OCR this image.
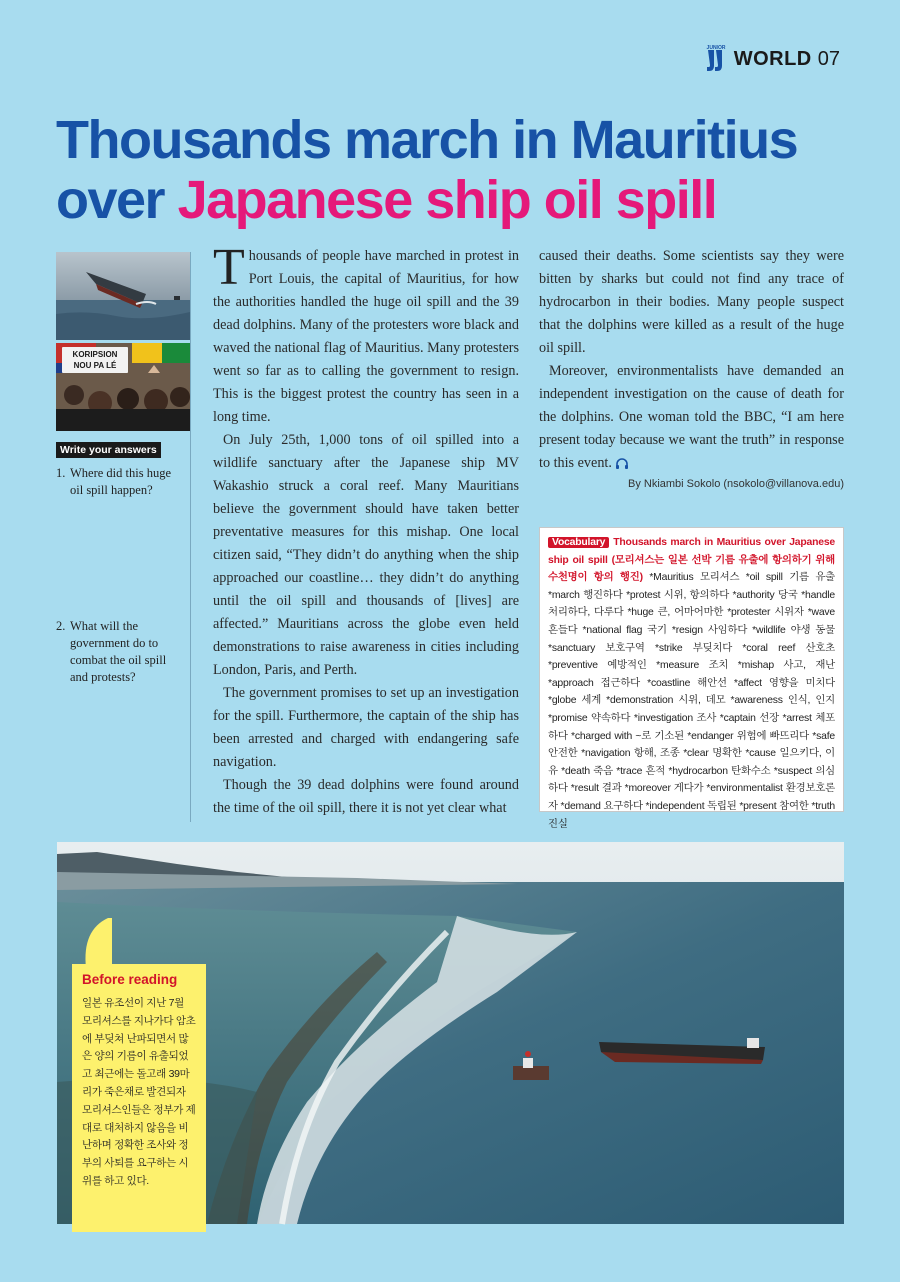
JUNIOR WORLD 07
Thousands march in Mauritius
over Japanese ship oil spill
KORIPSION
NOU PA LÉ
Write your answers
1. Where did this huge oil spill happen?
2. What will the government do to combat the oil spill and protests?

Thousands of people have marched in protest in Port Louis, the capital of Mauritius, for how the authorities handled the huge oil spill and the 39 dead dolphins. Many of the protesters wore black and waved the national flag of Mauritius. Many protesters went so far as to calling the government to resign. This is the biggest protest the country has seen in a long time.

On July 25th, 1,000 tons of oil spilled into a wildlife sanctuary after the Japanese ship MV Wakashio struck a coral reef. Many Mauritians believe the government should have taken better preventative measures for this mishap. One local citizen said, “They didn’t do anything when the ship approached our coastline… they didn’t do anything until the oil spill and thousands of [lives] are affected.” Mauritians across the globe even held demonstrations to raise awareness in cities including London, Paris, and Perth.

The government promises to set up an investigation for the spill. Furthermore, the captain of the ship has been arrested and charged with endangering safe navigation.

Though the 39 dead dolphins were found around the time of the oil spill, there it is not yet clear what

caused their deaths. Some scientists say they were bitten by sharks but could not find any trace of hydrocarbon in their bodies. Many people suspect that the dolphins were killed as a result of the huge oil spill.

Moreover, environmentalists have demanded an independent investigation on the cause of death for the dolphins. One woman told the BBC, “I am here present today because we want the truth” in response to this event.

By Nkiambi Sokolo (nsokolo@villanova.edu)
Vocabulary Thousands march in Mauritius over Japanese ship oil spill (모리셔스는 일본 선박 기름 유출에 항의하기 위해 수천명이 항의 행진) *Mauritius 모리셔스 *oil spill 기름 유출 *march 행진하다 *protest 시위, 항의하다 *authority 당국 *handle 처리하다, 다루다 *huge 큰, 어마어마한 *protester 시위자 *wave 흔들다 *national flag 국기 *resign 사임하다 *wildlife 야생 동물 *sanctuary 보호구역 *strike 부딪치다 *coral reef 산호초 *preventive 예방적인 *measure 조치 *mishap 사고, 재난 *approach 접근하다 *coastline 해안선 *affect 영향을 미치다 *globe 세계 *demonstration 시위, 데모 *awareness 인식, 인지 *promise 약속하다 *investigation 조사 *captain 선장 *arrest 체포하다 *charged with ~로 기소된 *endanger 위험에 빠뜨리다 *safe 안전한 *navigation 항해, 조종 *clear 명확한 *cause 일으키다, 이유 *death 죽음 *trace 흔적 *hydrocarbon 탄화수소 *suspect 의심하다 *result 결과 *moreover 게다가 *environmentalist 환경보호론자 *demand 요구하다 *independent 독립된 *present 참여한 *truth 진실
Before reading
일본 유조선이 지난 7월 모리셔스를 지나가다 암초에 부딪쳐 난파되면서 많은 양의 기름이 유출되었고 최근에는 돌고래 39마리가 죽은채로 발견되자 모리셔스인들은 정부가 제대로 대처하지 않음을 비난하며 정확한 조사와 정부의 사퇴를 요구하는 시위를 하고 있다.
